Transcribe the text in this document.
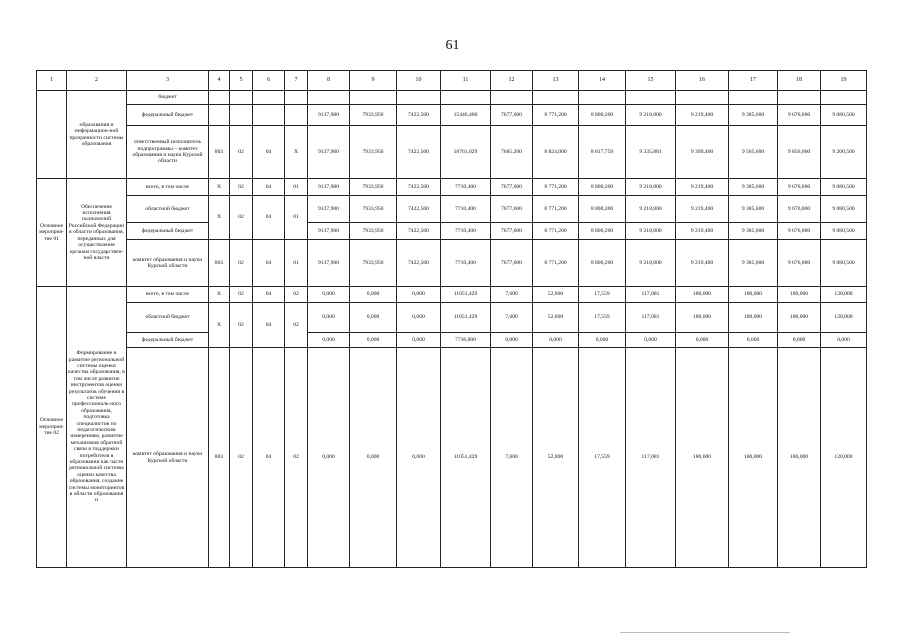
61
1	2	3	4	5	6	7	8	9	10	11	12	13	14	15	16	17	18	19
	образования и информацион-ной прозрачности системы образования	бюджет																
		федеральный бюджет					9137,900	7933,950	7422,500	15446,400	7677,600	8 771,200	8 800,200	9 218,800	9 219,400	9 385,600	9 676,000	9 080,500
		ответственный исполнитель подпрограммы – комитет образования и науки Курской области	803	02	04	Х	9137,900	7933,950	7422,500	18761,829	7685,200	8 824,000	8 817,759	9 335,881	9 399,400	9 565,600	9 856,000	9 200,500
Основное мероприя-тие 01	Обеспечение исполнения полномочий Российской Федерации в области образования, переданных для осуществления органам государствен-ной власти	всего, в том числе	Х	02	04	01	9137,900	7933,950	7422,500	7710,400	7677,600	8 771,200	8 800,200	9 218,800	9 219,400	9 385,600	9 676,000	9 080,500
		областной бюджет	Х	02	04	01	9137,900	7933,950	7422,500	7710,400	7677,600	8 771,200	8 800,200	9 218,800	9 219,400	9 385,600	9 676,000	9 080,500
		федеральный бюджет					9137,900	7933,950	7422,500	7710,400	7677,600	8 771,200	8 800,200	9 218,800	9 219,400	9 385,600	9 676,000	9 080,500
		комитет образования и науки Курской области	803	02	04	01	9137,900	7933,950	7422,500	7710,400	7677,600	8 771,200	8 800,200	9 218,800	9 219,400	9 385,600	9 676,000	9 080,500
Основное мероприя-тие 02	Формирование и развитие региональной системы оценки качества образования, в том числе развитие инструментов оценки результатов обучения в системе профессиональ-ного образования, подготовка специалистов по педагогическим измерениям, развитие механизмов обратной связи и поддержки потребителя в образовании как части региональной системы оценки качества образования, создание системы мониторингов в области образования и	всего, в том числе	Х	02	04	02	0,000	0,000	0,000	11051,429	7,600	52,800	17,559	117,081	180,000	180,000	180,000	120,000
		областной бюджет	Х	02	04	02	0,000	0,000	0,000	11051,429	7,600	52,800	17,559	117,081	180,000	180,000	180,000	120,000
		федеральный бюджет					0,000	0,000	0,000	7736,000	0,000	0,000	0,000	0,000	0,000	0,000	0,000	0,000
		комитет образования и науки Курской области	803	02	04	02	0,000	0,000	0,000	11051,429	7,600	52,800	17,559	117,081	180,000	180,000	180,000	120,000
